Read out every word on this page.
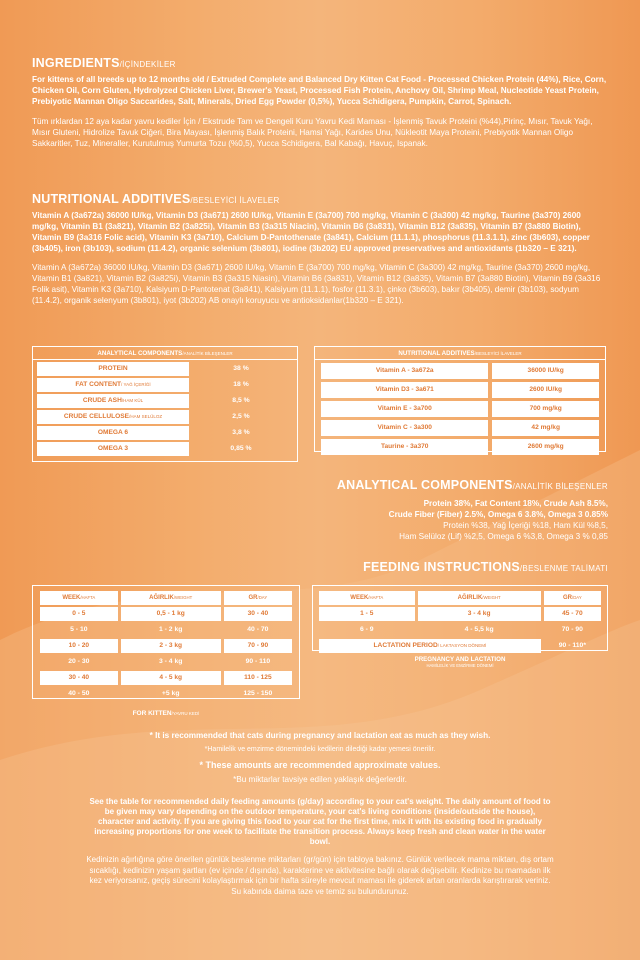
INGREDIENTS/İÇİNDEKİLER

For kittens of all breeds up to 12 months old / Extruded Complete and Balanced Dry Kitten Cat Food - Processed Chicken Protein (44%), Rice, Corn, Chicken Oil, Corn Gluten, Hydrolyzed Chicken Liver, Brewer's Yeast, Processed Fish Protein, Anchovy Oil, Shrimp Meal, Nucleotide Yeast Protein, Prebiyotic Mannan Oligo Saccarides, Salt, Minerals, Dried Egg Powder (0,5%), Yucca Schidigera, Pumpkin, Carrot, Spinach.

Tüm ırklardan 12 aya kadar yavru kediler İçin / Ekstrude Tam ve Dengeli Kuru Yavru Kedi Maması - İşlenmiş Tavuk Proteini (%44),Pirinç, Mısır, Tavuk Yağı, Mısır Gluteni, Hidrolize Tavuk Ciğeri, Bira Mayası, İşlenmiş Balık Proteini, Hamsi Yağı, Karides Unu, Nükleotit Maya Proteini, Prebiyotik Mannan Oligo Sakkaritler, Tuz, Mineraller, Kurutulmuş Yumurta Tozu (%0,5), Yucca Schidigera, Bal Kabağı, Havuç, Ispanak.

NUTRITIONAL ADDITIVES/BESLEYİCİ İLAVELER

Vitamin A (3a672a) 36000 IU/kg, Vitamin D3 (3a671) 2600 IU/kg, Vitamin E (3a700) 700 mg/kg, Vitamin C (3a300) 42 mg/kg, Taurine (3a370) 2600 mg/kg, Vitamin B1 (3a821), Vitamin B2 (3a825i), Vitamin B3 (3a315 Niacin), Vitamin B6 (3a831), Vitamin B12 (3a835), Vitamin B7 (3a880 Biotin), Vitamin B9 (3a316 Folic acid), Vitamin K3 (3a710), Calcium D-Pantothenate (3a841), Calcium (11.1.1), phosphorus (11.3.1.1), zinc (3b603), copper (3b405), iron (3b103), sodium (11.4.2), organic selenium (3b801), iodine (3b202) EU approved preservatives and antioxidants (1b320 – E 321).

Vitamin A (3a672a) 36000 IU/kg, Vitamin D3 (3a671) 2600 IU/kg, Vitamin E (3a700) 700 mg/kg, Vitamin C (3a300) 42 mg/kg, Taurine (3a370) 2600 mg/kg, Vitamin B1 (3a821), Vitamin B2 (3a825i), Vitamin B3 (3a315 Niasin), Vitamin B6 (3a831), Vitamin B12 (3a835), Vitamin B7 (3a880 Biotin), Vitamin B9 (3a316 Folik asit), Vitamin K3 (3a710), Kalsiyum D-Pantotenat (3a841), Kalsiyum (11.1.1), fosfor (11.3.1), çinko (3b603), bakır (3b405), demir (3b103), sodyum (11.4.2), organik selenyum (3b801), iyot (3b202) AB onaylı koruyucu ve antioksidanlar(1b320 – E 321).

ANALYTICAL COMPONENTS/ANALİTİK BİLEŞENLER
PROTEIN	38 %
FAT CONTENT/ YAĞ İÇERİĞİ	18 %
CRUDE ASH/HAM KÜL	8,5 %
CRUDE CELLULOSE/HAM SELÜLOZ	2,5 %
OMEGA 6	3,8 %
OMEGA 3	0,85 %
NUTRITIONAL ADDITIVES/BESLEYİCİ İLAVELER
Vitamin A - 3a672a	36000 IU/kg
Vitamin D3 - 3a671	2600 IU/kg
Vitamin E - 3a700	700 mg/kg
Vitamin C - 3a300	42 mg/kg
Taurine - 3a370	2600 mg/kg
ANALYTICAL COMPONENTS/ANALİTİK BİLEŞENLER

Protein 38%, Fat Content 18%, Crude Ash 8.5%,

Crude Fiber (Fiber) 2.5%, Omega 6 3.8%, Omega 3 0.85%

Protein %38, Yağ İçeriği %18, Ham Kül %8,5,

Ham Selüloz (Lif) %2,5, Omega 6 %3,8, Omega 3 % 0,85

FEEDING INSTRUCTIONS/BESLENME TALİMATI
WEEK/HAFTA	AĞIRLIK/WEIGHT	GR/DAY
0 - 5	0,5 - 1 kg	30 - 40
5 - 10	1 - 2 kg	40 - 70
10 - 20	2 - 3 kg	70 - 90
20 - 30	3 - 4 kg	90 - 110
30 - 40	4 - 5 kg	110 - 125
40 - 50	+5 kg	125 - 150
FOR KITTEN/YAVRU KEDİ
WEEK/HAFTA	AĞIRLIK/WEIGHT	GR/DAY
1 - 5	3 - 4 kg	45 - 70
6 - 9	4 - 5,5 kg	70 - 90
LACTATION PERIOD/ LAKTASYON DÖNEMİ		90 - 110*
PREGNANCY AND LACTATION
HAMİLELİK VE EMZİRME DÖNEMİ

* It is recommended that cats during pregnancy and lactation eat as much as they wish.

*Hamilelik ve emzirme dönemindeki kedilerin dilediği kadar yemesi önerilir.

* These amounts are recommended approximate values.

*Bu miktarlar tavsiye edilen yaklaşık değerlerdir.

See the table for recommended daily feeding amounts (g/day) according to your cat's weight. The daily amount of food to be given may vary depending on the outdoor temperature, your cat's living conditions (inside/outside the house), character and activity. If you are giving this food to your cat for the first time, mix it with its existing food in gradually increasing proportions for one week to facilitate the transition process. Always keep fresh and clean water in the water bowl.

Kedinizin ağırlığına göre önerilen günlük beslenme miktarları (gr/gün) için tabloya bakınız. Günlük verilecek mama miktarı, dış ortam sıcaklığı, kedinizin yaşam şartları (ev içinde / dışında), karakterine ve aktivitesine bağlı olarak değişebilir. Kedinize bu mamadan ilk kez veriyorsanız, geçiş sürecini kolaylaştırmak için bir hafta süreyle mevcut maması ile giderek artan oranlarda karıştırarak veriniz. Su kabında daima taze ve temiz su bulundurunuz.
